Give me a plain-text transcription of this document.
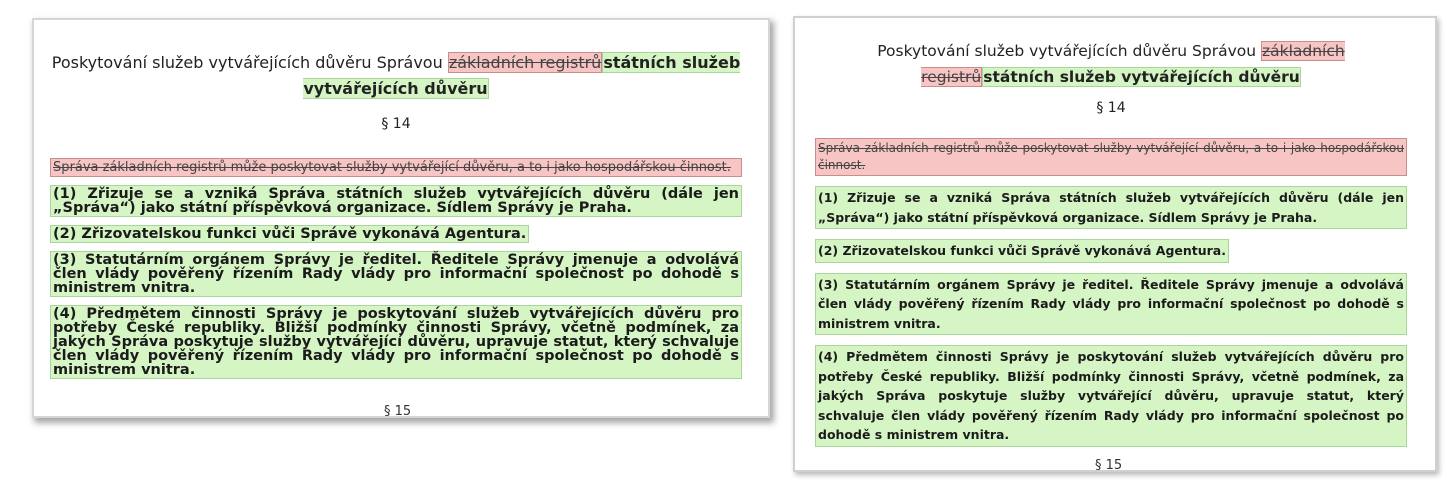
Poskytování služeb vytvářejících důvěru Správou základních registrů státních služeb vytvářejících důvěru

§ 14

Správa základních registrů může poskytovat služby vytvářející důvěru, a to i jako hospodářskou činnost.

(1) Zřizuje se a vzniká Správa státních služeb vytvářejících důvěru (dále jen „Správa“) jako státní příspěvková organizace. Sídlem Správy je Praha.

(2) Zřizovatelskou funkci vůči Správě vykonává Agentura.

(3) Statutárním orgánem Správy je ředitel. Ředitele Správy jmenuje a odvolává člen vlády pověřený řízením Rady vlády pro informační společnost po dohodě s ministrem vnitra.

(4) Předmětem činnosti Správy je poskytování služeb vytvářejících důvěru pro potřeby České republiky. Bližší podmínky činnosti Správy, včetně podmínek, za jakých Správa poskytuje služby vytvářející důvěru, upravuje statut, který schvaluje člen vlády pověřený řízením Rady vlády pro informační společnost po dohodě s ministrem vnitra.

§ 15

Poskytování služeb vytvářejících důvěru Správou základních registrů státních služeb vytvářejících důvěru

§ 14

Správa základních registrů může poskytovat služby vytvářející důvěru, a to i jako hospodářskou činnost.

(1) Zřizuje se a vzniká Správa státních služeb vytvářejících důvěru (dále jen „Správa“) jako státní příspěvková organizace. Sídlem Správy je Praha.

(2) Zřizovatelskou funkci vůči Správě vykonává Agentura.

(3) Statutárním orgánem Správy je ředitel. Ředitele Správy jmenuje a odvolává člen vlády pověřený řízením Rady vlády pro informační společnost po dohodě s ministrem vnitra.

(4) Předmětem činnosti Správy je poskytování služeb vytvářejících důvěru pro potřeby České republiky. Bližší podmínky činnosti Správy, včetně podmínek, za jakých Správa poskytuje služby vytvářející důvěru, upravuje statut, který schvaluje člen vlády pověřený řízením Rady vlády pro informační společnost po dohodě s ministrem vnitra.

§ 15
